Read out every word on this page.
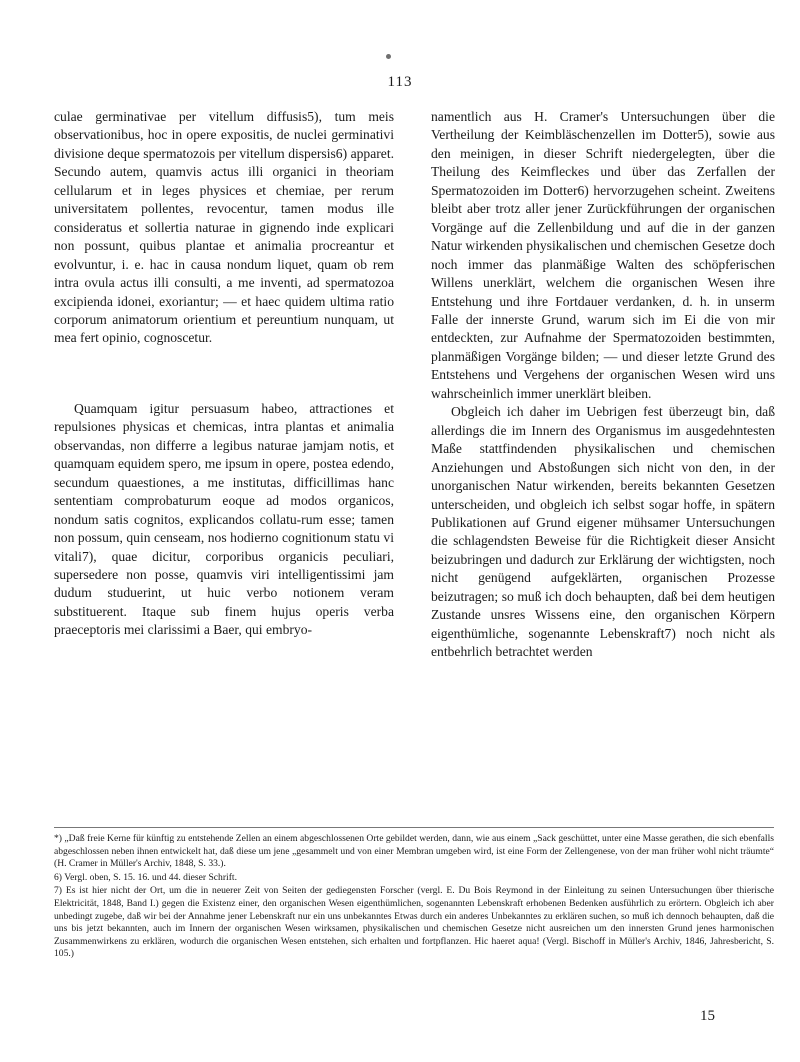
113

culae germinativae per vitellum diffusis5), tum meis observationibus, hoc in opere expositis, de nuclei germinativi divisione deque spermatozois per vitellum dispersis6) apparet. Secundo autem, quamvis actus illi organici in theoriam cellularum et in leges physices et chemiae, per rerum universitatem pollentes, revocentur, tamen modus ille consideratus et sollertia naturae in gignendo inde explicari non possunt, quibus plantae et animalia procreantur et evolvuntur, i. e. hac in causa nondum liquet, quam ob rem intra ovula actus illi consulti, a me inventi, ad spermatozoa excipienda idonei, exoriantur; — et haec quidem ultima ratio corporum animatorum orientium et pereuntium nunquam, ut mea fert opinio, cognoscetur.

Quamquam igitur persuasum habeo, attractiones et repulsiones physicas et chemicas, intra plantas et animalia observandas, non differre a legibus naturae jamjam notis, et quamquam equidem spero, me ipsum in opere, postea edendo, secundum quaestiones, a me institutas, difficillimas hanc sententiam comprobaturum eoque ad modos organicos, nondum satis cognitos, explicandos collatu-rum esse; tamen non possum, quin censeam, nos hodierno cognitionum statu vi vitali7), quae dicitur, corporibus organicis peculiari, supersedere non posse, quamvis viri intelligentissimi jam dudum studuerint, ut huic verbo notionem veram substituerent. Itaque sub finem hujus operis verba praeceptoris mei clarissimi a Baer, qui embryo-

namentlich aus H. Cramer's Untersuchungen über die Vertheilung der Keimbläschenzellen im Dotter5), sowie aus den meinigen, in dieser Schrift niedergelegten, über die Theilung des Keimfleckes und über das Zerfallen der Spermatozoiden im Dotter6) hervorzugehen scheint. Zweitens bleibt aber trotz aller jener Zurückführungen der organischen Vorgänge auf die Zellenbildung und auf die in der ganzen Natur wirkenden physikalischen und chemischen Gesetze doch noch immer das planmäßige Walten des schöpferischen Willens unerklärt, welchem die organischen Wesen ihre Entstehung und ihre Fortdauer verdanken, d. h. in unserm Falle der innerste Grund, warum sich im Ei die von mir entdeckten, zur Aufnahme der Spermatozoiden bestimmten, planmäßigen Vorgänge bilden; — und dieser letzte Grund des Entstehens und Vergehens der organischen Wesen wird uns wahrscheinlich immer unerklärt bleiben.

Obgleich ich daher im Uebrigen fest überzeugt bin, daß allerdings die im Innern des Organismus im ausgedehntesten Maße stattfindenden physikalischen und chemischen Anziehungen und Abstoßungen sich nicht von den, in der unorganischen Natur wirkenden, bereits bekannten Gesetzen unterscheiden, und obgleich ich selbst sogar hoffe, in spätern Publikationen auf Grund eigener mühsamer Untersuchungen die schlagendsten Beweise für die Richtigkeit dieser Ansicht beizubringen und dadurch zur Erklärung der wichtigsten, noch nicht genügend aufgeklärten, organischen Prozesse beizutragen; so muß ich doch behaupten, daß bei dem heutigen Zustande unsres Wissens eine, den organischen Körpern eigenthümliche, sogenannte Lebenskraft7) noch nicht als entbehrlich betrachtet werden

*) „Daß freie Kerne für künftig zu entstehende Zellen an einem abgeschlossenen Orte gebildet werden, dann, wie aus einem „Sack geschüttet, unter eine Masse gerathen, die sich ebenfalls abgeschlossen neben ihnen entwickelt hat, daß diese um jene „gesammelt und von einer Membran umgeben wird, ist eine Form der Zellengenese, von der man früher wohl nicht träumte“ (H. Cramer in Müller's Archiv, 1848, S. 33.).

6) Vergl. oben, S. 15. 16. und 44. dieser Schrift.

7) Es ist hier nicht der Ort, um die in neuerer Zeit von Seiten der gediegensten Forscher (vergl. E. Du Bois Reymond in der Einleitung zu seinen Untersuchungen über thierische Elektricität, 1848, Band I.) gegen die Existenz einer, den organischen Wesen eigenthümlichen, sogenannten Lebenskraft erhobenen Bedenken ausführlich zu erörtern. Obgleich ich aber unbedingt zugebe, daß wir bei der Annahme jener Lebenskraft nur ein uns unbekanntes Etwas durch ein anderes Unbekanntes zu erklären suchen, so muß ich dennoch behaupten, daß die uns bis jetzt bekannten, auch im Innern der organischen Wesen wirksamen, physikalischen und chemischen Gesetze nicht ausreichen um den innersten Grund jenes harmonischen Zusammenwirkens zu erklären, wodurch die organischen Wesen entstehen, sich erhalten und fortpflanzen. Hic haeret aqua! (Vergl. Bischoff in Müller's Archiv, 1846, Jahresbericht, S. 105.)

15
